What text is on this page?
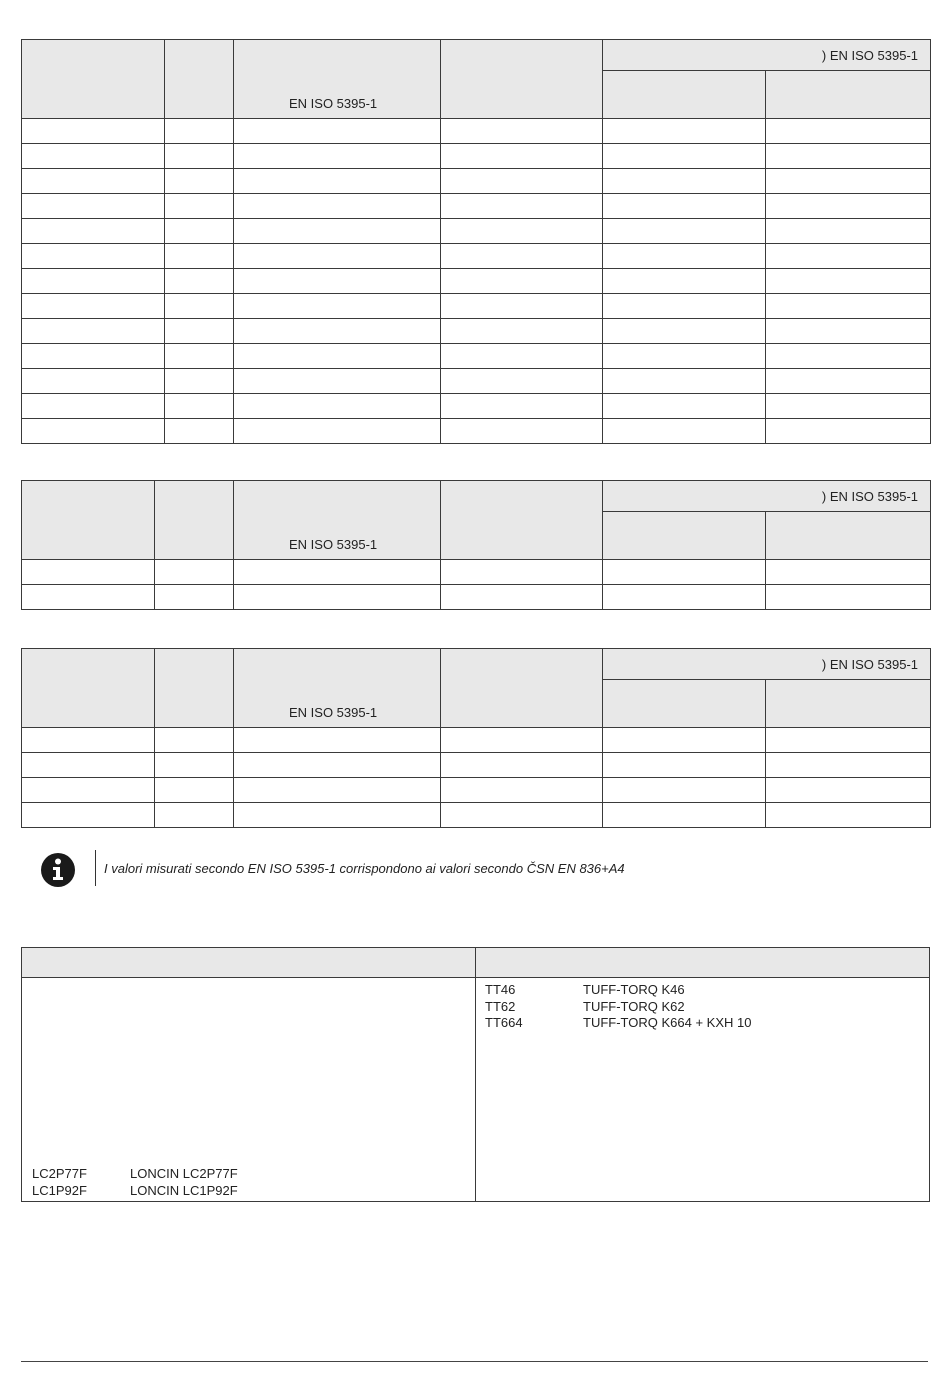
		EN ISO 5395-1		) EN ISO 5395-1	

		EN ISO 5395-1		) EN ISO 5395-1	

		EN ISO 5395-1		) EN ISO 5395-1	

I valori misurati secondo EN ISO 5395-1 corrispondono ai valori secondo ČSN EN 836+A4
LC2P77F	LONCIN LC2P77F
LC1P92F	LONCIN LC1P92F
TT46	TUFF-TORQ K46
TT62	TUFF-TORQ K62
TT664	TUFF-TORQ K664 + KXH 10
